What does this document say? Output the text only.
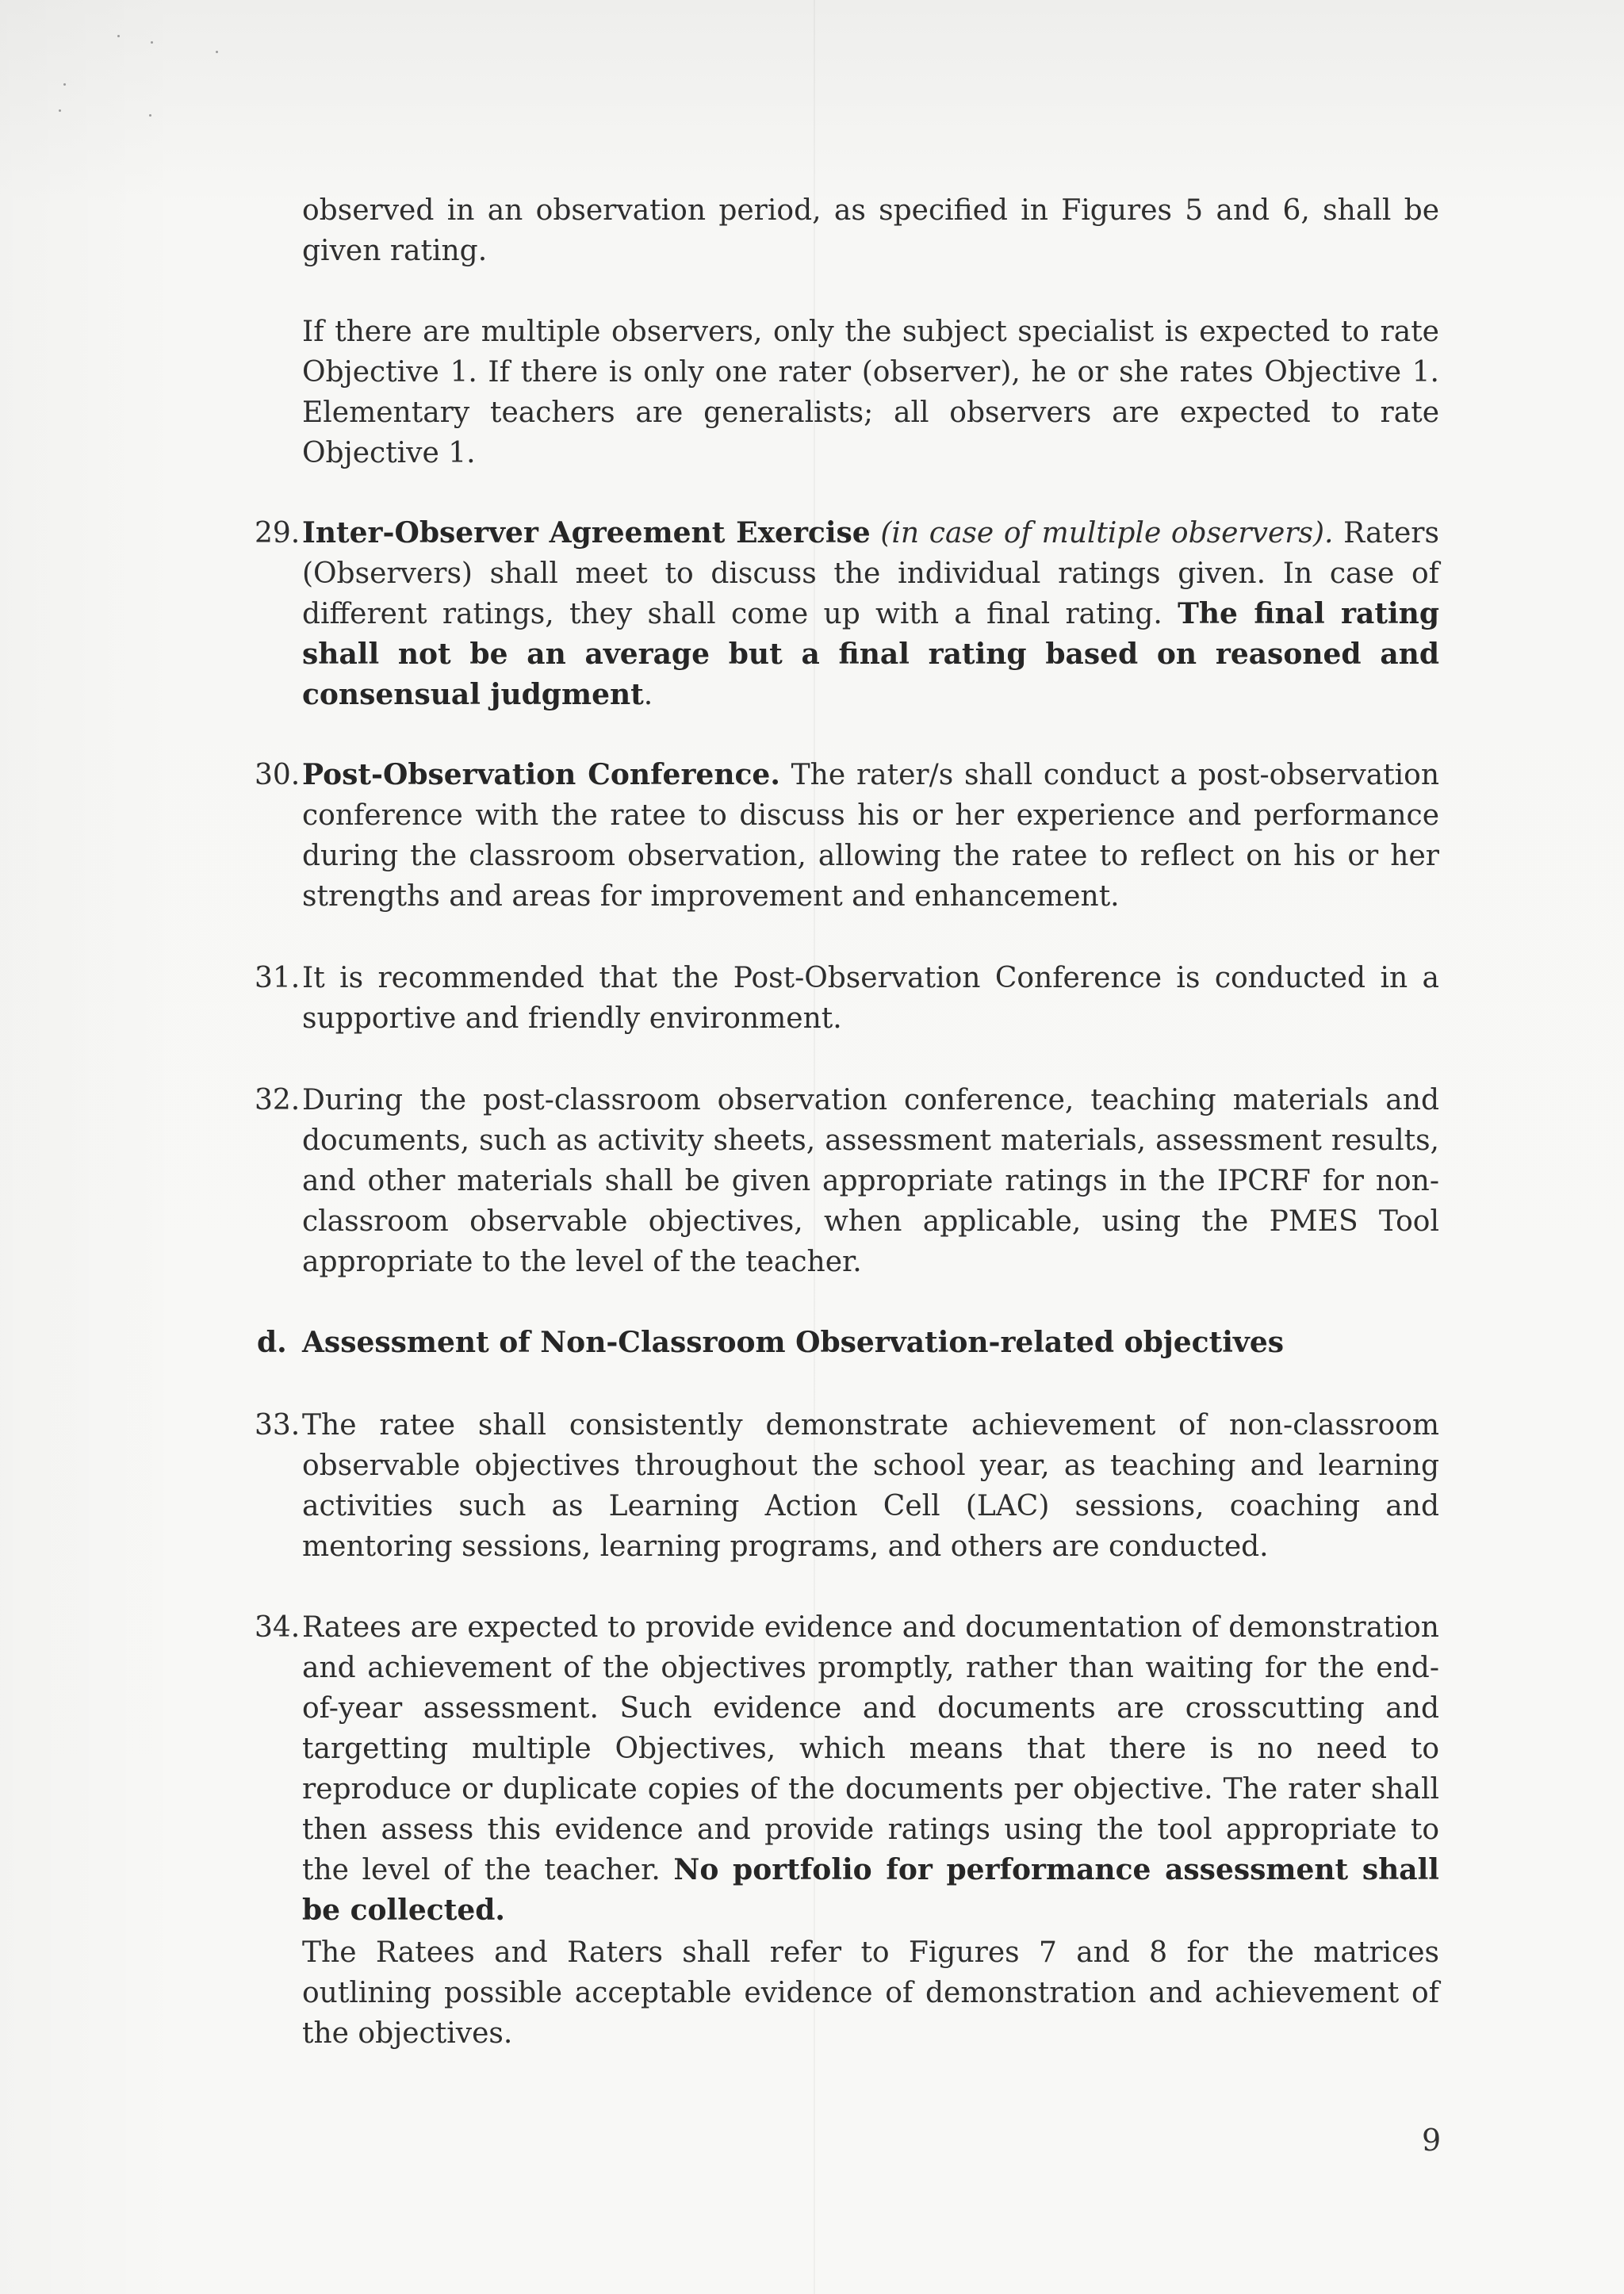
observed in an observation period, as specified in Figures 5 and 6, shall be given rating.

If there are multiple observers, only the subject specialist is expected to rate Objective 1. If there is only one rater (observer), he or she rates Objective 1. Elementary teachers are generalists; all observers are expected to rate Objective 1.

29. Inter-Observer Agreement Exercise (in case of multiple observers). Raters (Observers) shall meet to discuss the individual ratings given. In case of different ratings, they shall come up with a final rating. The final rating shall not be an average but a final rating based on reasoned and consensual judgment.
30. Post-Observation Conference. The rater/s shall conduct a post-observation conference with the ratee to discuss his or her experience and performance during the classroom observation, allowing the ratee to reflect on his or her strengths and areas for improvement and enhancement.
31. It is recommended that the Post-Observation Conference is conducted in a supportive and friendly environment.
32. During the post-classroom observation conference, teaching materials and documents, such as activity sheets, assessment materials, assessment results, and other materials shall be given appropriate ratings in the IPCRF for non-classroom observable objectives, when applicable, using the PMES Tool appropriate to the level of the teacher.

d. Assessment of Non-Classroom Observation-related objectives

33. The ratee shall consistently demonstrate achievement of non-classroom observable objectives throughout the school year, as teaching and learning activities such as Learning Action Cell (LAC) sessions, coaching and mentoring sessions, learning programs, and others are conducted.
34. Ratees are expected to provide evidence and documentation of demonstration and achievement of the objectives promptly, rather than waiting for the end-of-year assessment. Such evidence and documents are crosscutting and targetting multiple Objectives, which means that there is no need to reproduce or duplicate copies of the documents per objective. The rater shall then assess this evidence and provide ratings using the tool appropriate to the level of the teacher. No portfolio for performance assessment shall be collected.

The Ratees and Raters shall refer to Figures 7 and 8 for the matrices outlining possible acceptable evidence of demonstration and achievement of the objectives.

9
